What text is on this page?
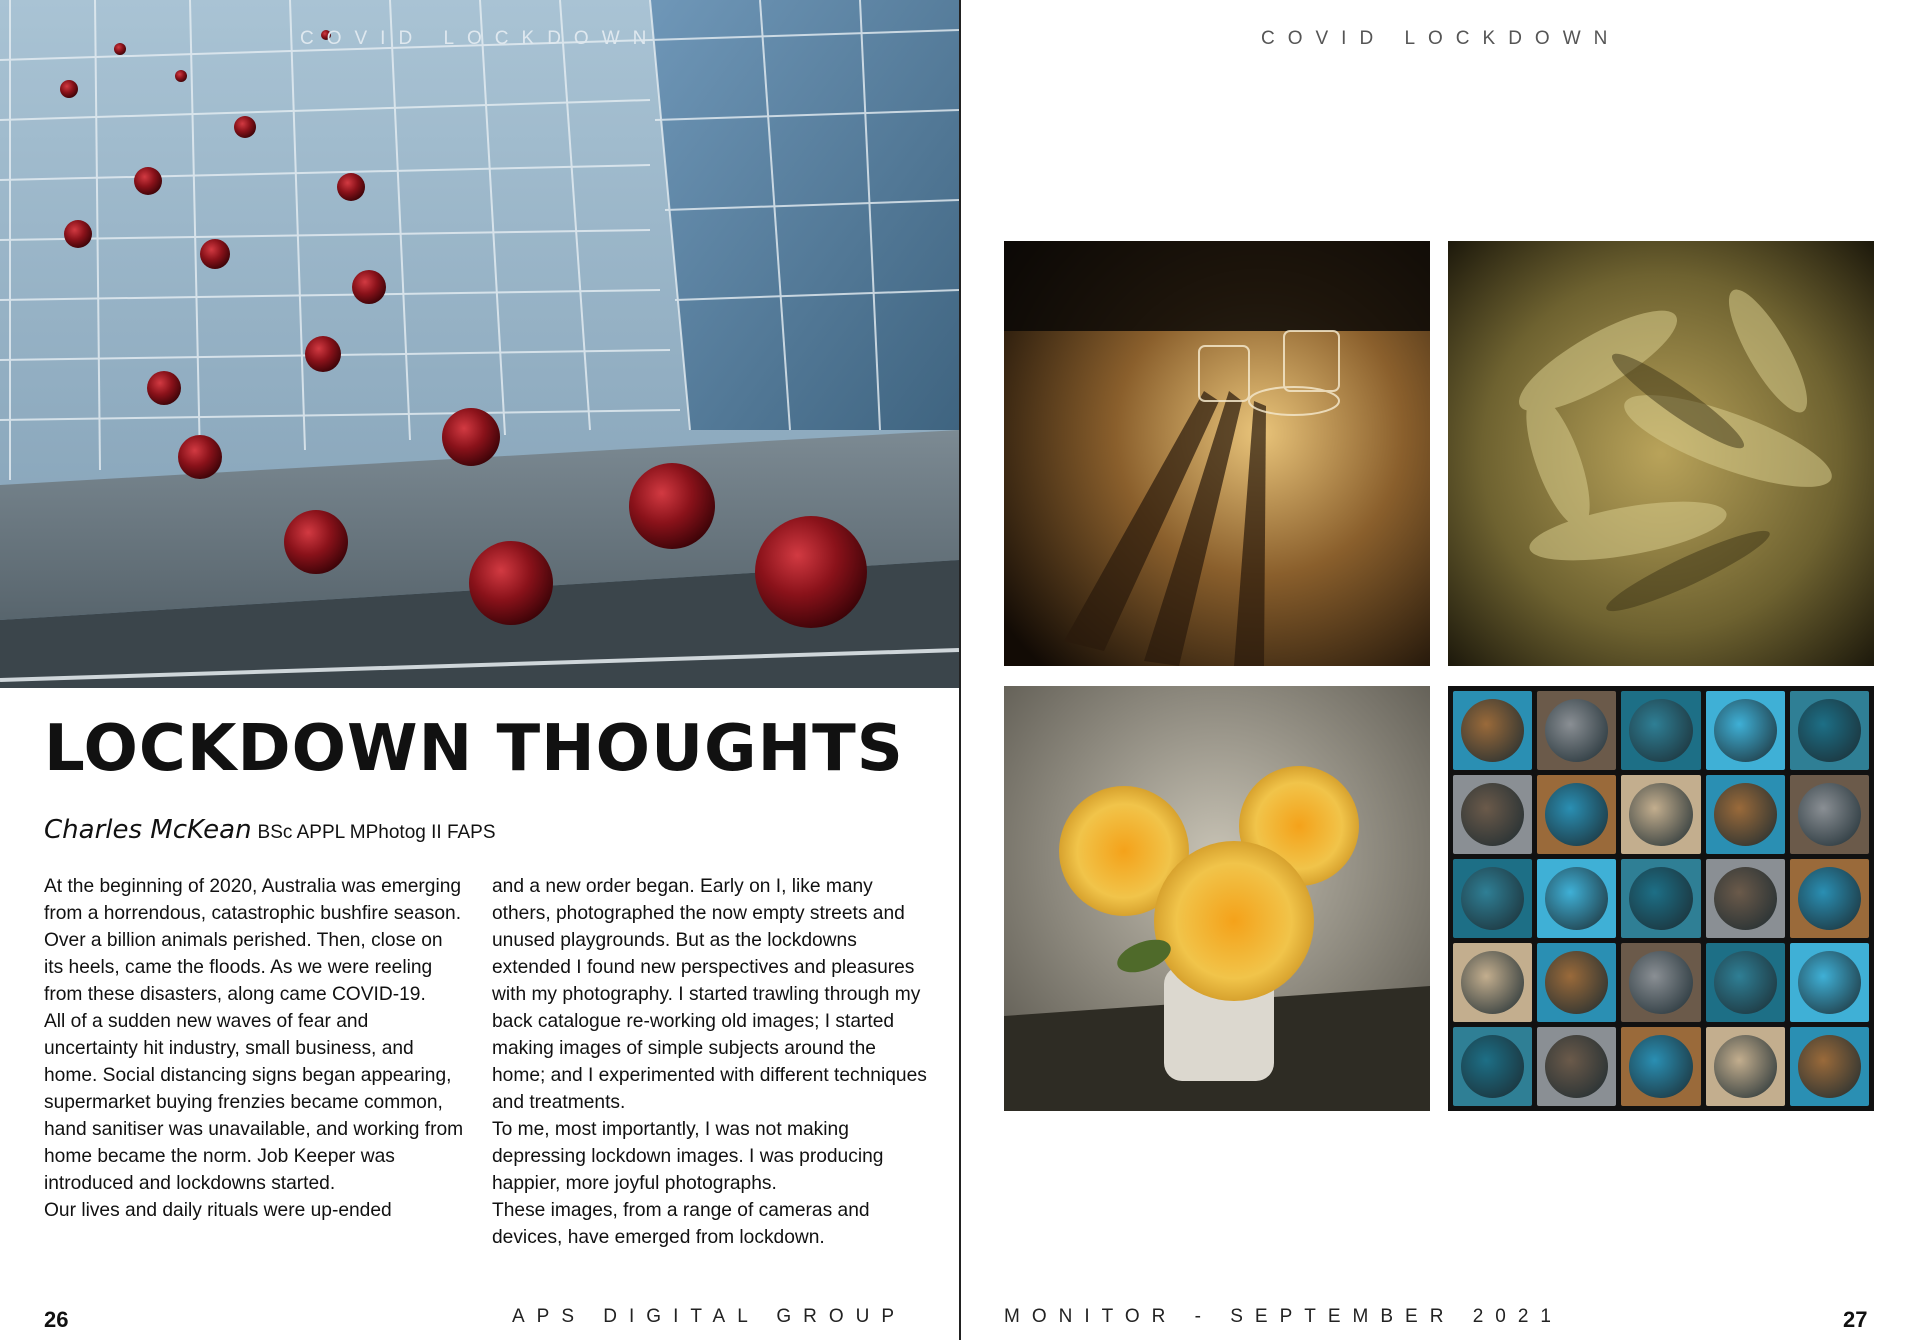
COVID LOCKDOWN
LOCKDOWN THOUGHTS
Charles McKean BSc APPL MPhotog II FAPS

At the beginning of 2020, Australia was emerging from a horrendous, catastrophic bushfire season. Over a billion animals perished. Then, close on its heels, came the floods. As we were reeling from these disasters, along came COVID-19.

All of a sudden new waves of fear and uncertainty hit industry, small business, and home. Social distancing signs began appearing, supermarket buying frenzies became common, hand sanitiser was unavailable, and working from home became the norm. Job Keeper was introduced and lockdowns started.

Our lives and daily rituals were up-ended

and a new order began. Early on I, like many others, photographed the now empty streets and unused playgrounds. But as the lockdowns extended I found new perspectives and pleasures with my photography. I started trawling through my back catalogue re-working old images; I started making images of simple subjects around the home; and I experimented with different techniques and treatments.

To me, most importantly, I was not making depressing lockdown images. I was producing happier, more joyful photographs.

These images, from a range of cameras and devices, have emerged from lockdown.

26	APS DIGITAL GROUP
COVID LOCKDOWN
MONITOR - SEPTEMBER 2021	27
